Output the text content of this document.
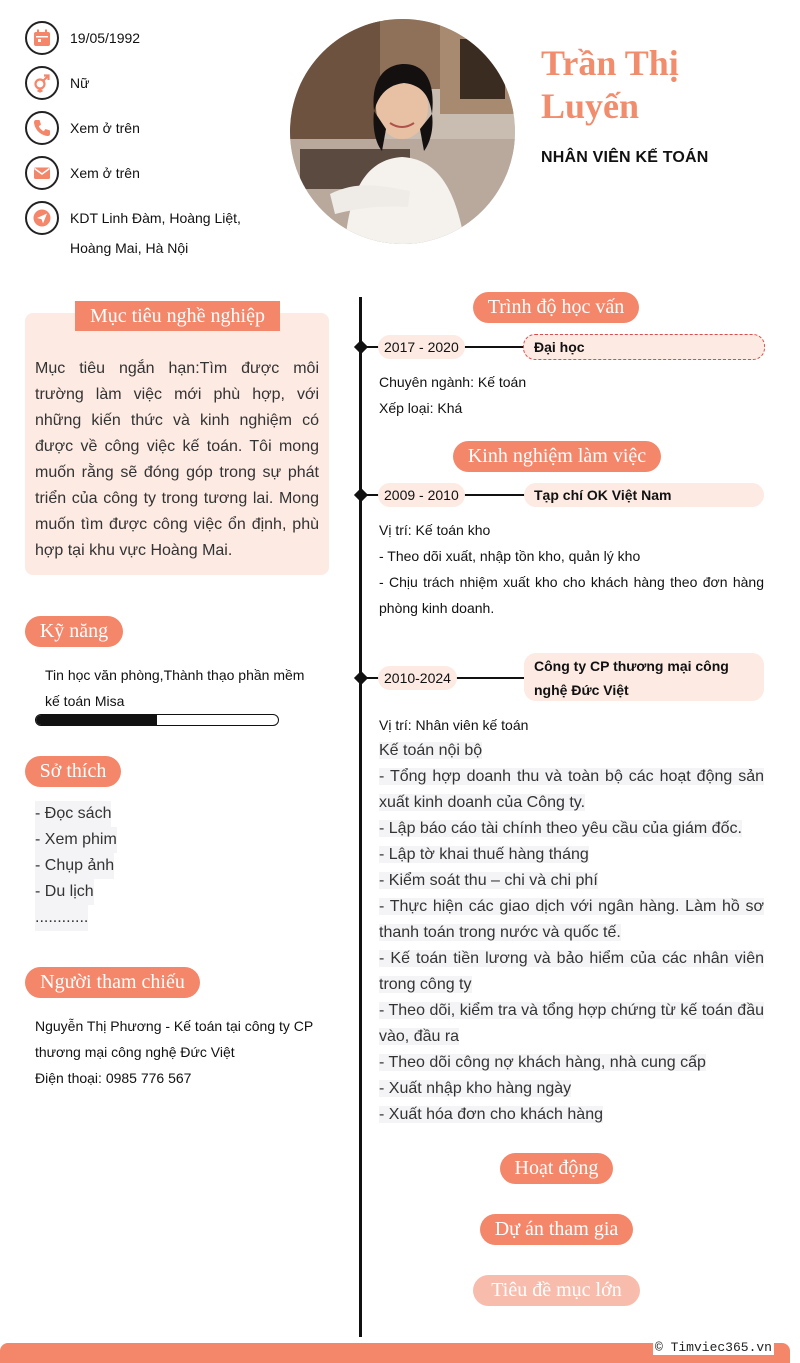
19/05/1992
Nữ
Xem ở trên
Xem ở trên
KDT Linh Đàm, Hoàng Liệt,
Hoàng Mai, Hà Nội
Trần Thị
Luyến
NHÂN VIÊN KẾ TOÁN
Mục tiêu nghề nghiệp
Mục tiêu ngắn hạn:Tìm được môi trường làm việc mới phù hợp, với những kiến thức và kinh nghiệm có được về công việc kế toán. Tôi mong muốn rằng sẽ đóng góp trong sự phát triển của công ty trong tương lai. Mong muốn tìm được công việc ổn định, phù hợp tại khu vực Hoàng Mai.
Kỹ năng
Tin học văn phòng,Thành thạo phần mềm kế toán Misa
Sở thích
- Đọc sách
- Xem phim
- Chụp ảnh
- Du lịch
............
Người tham chiếu
Nguyễn Thị Phương - Kế toán tại công ty CP thương mại công nghệ Đức Việt
Điện thoại: 0985 776 567
Trình độ học vấn
2017 - 2020	Đại học
Chuyên ngành: Kế toán
Xếp loại: Khá
Kinh nghiệm làm việc
2009 - 2010	Tạp chí OK Việt Nam
Vị trí: Kế toán kho
- Theo dõi xuất, nhập tồn kho, quản lý kho
- Chịu trách nhiệm xuất kho cho khách hàng theo đơn hàng phòng kinh doanh.
2010-2024
Công ty CP thương mại công nghệ Đức Việt
Vị trí: Nhân viên kế toán
Kế toán nội bộ
- Tổng hợp doanh thu và toàn bộ các hoạt động sản xuất kinh doanh của Công ty.
- Lập báo cáo tài chính theo yêu cầu của giám đốc.
- Lập tờ khai thuế hàng tháng
- Kiểm soát thu – chi và chi phí
- Thực hiện các giao dịch với ngân hàng. Làm hồ sơ thanh toán trong nước và quốc tế.
- Kế toán tiền lương và bảo hiểm của các nhân viên trong công ty
- Theo dõi, kiểm tra và tổng hợp chứng từ kế toán đầu vào, đầu ra
- Theo dõi công nợ khách hàng, nhà cung cấp
- Xuất nhập kho hàng ngày
- Xuất hóa đơn cho khách hàng
Hoạt động
Dự án tham gia
Tiêu đề mục lớn
© Timviec365.vn
